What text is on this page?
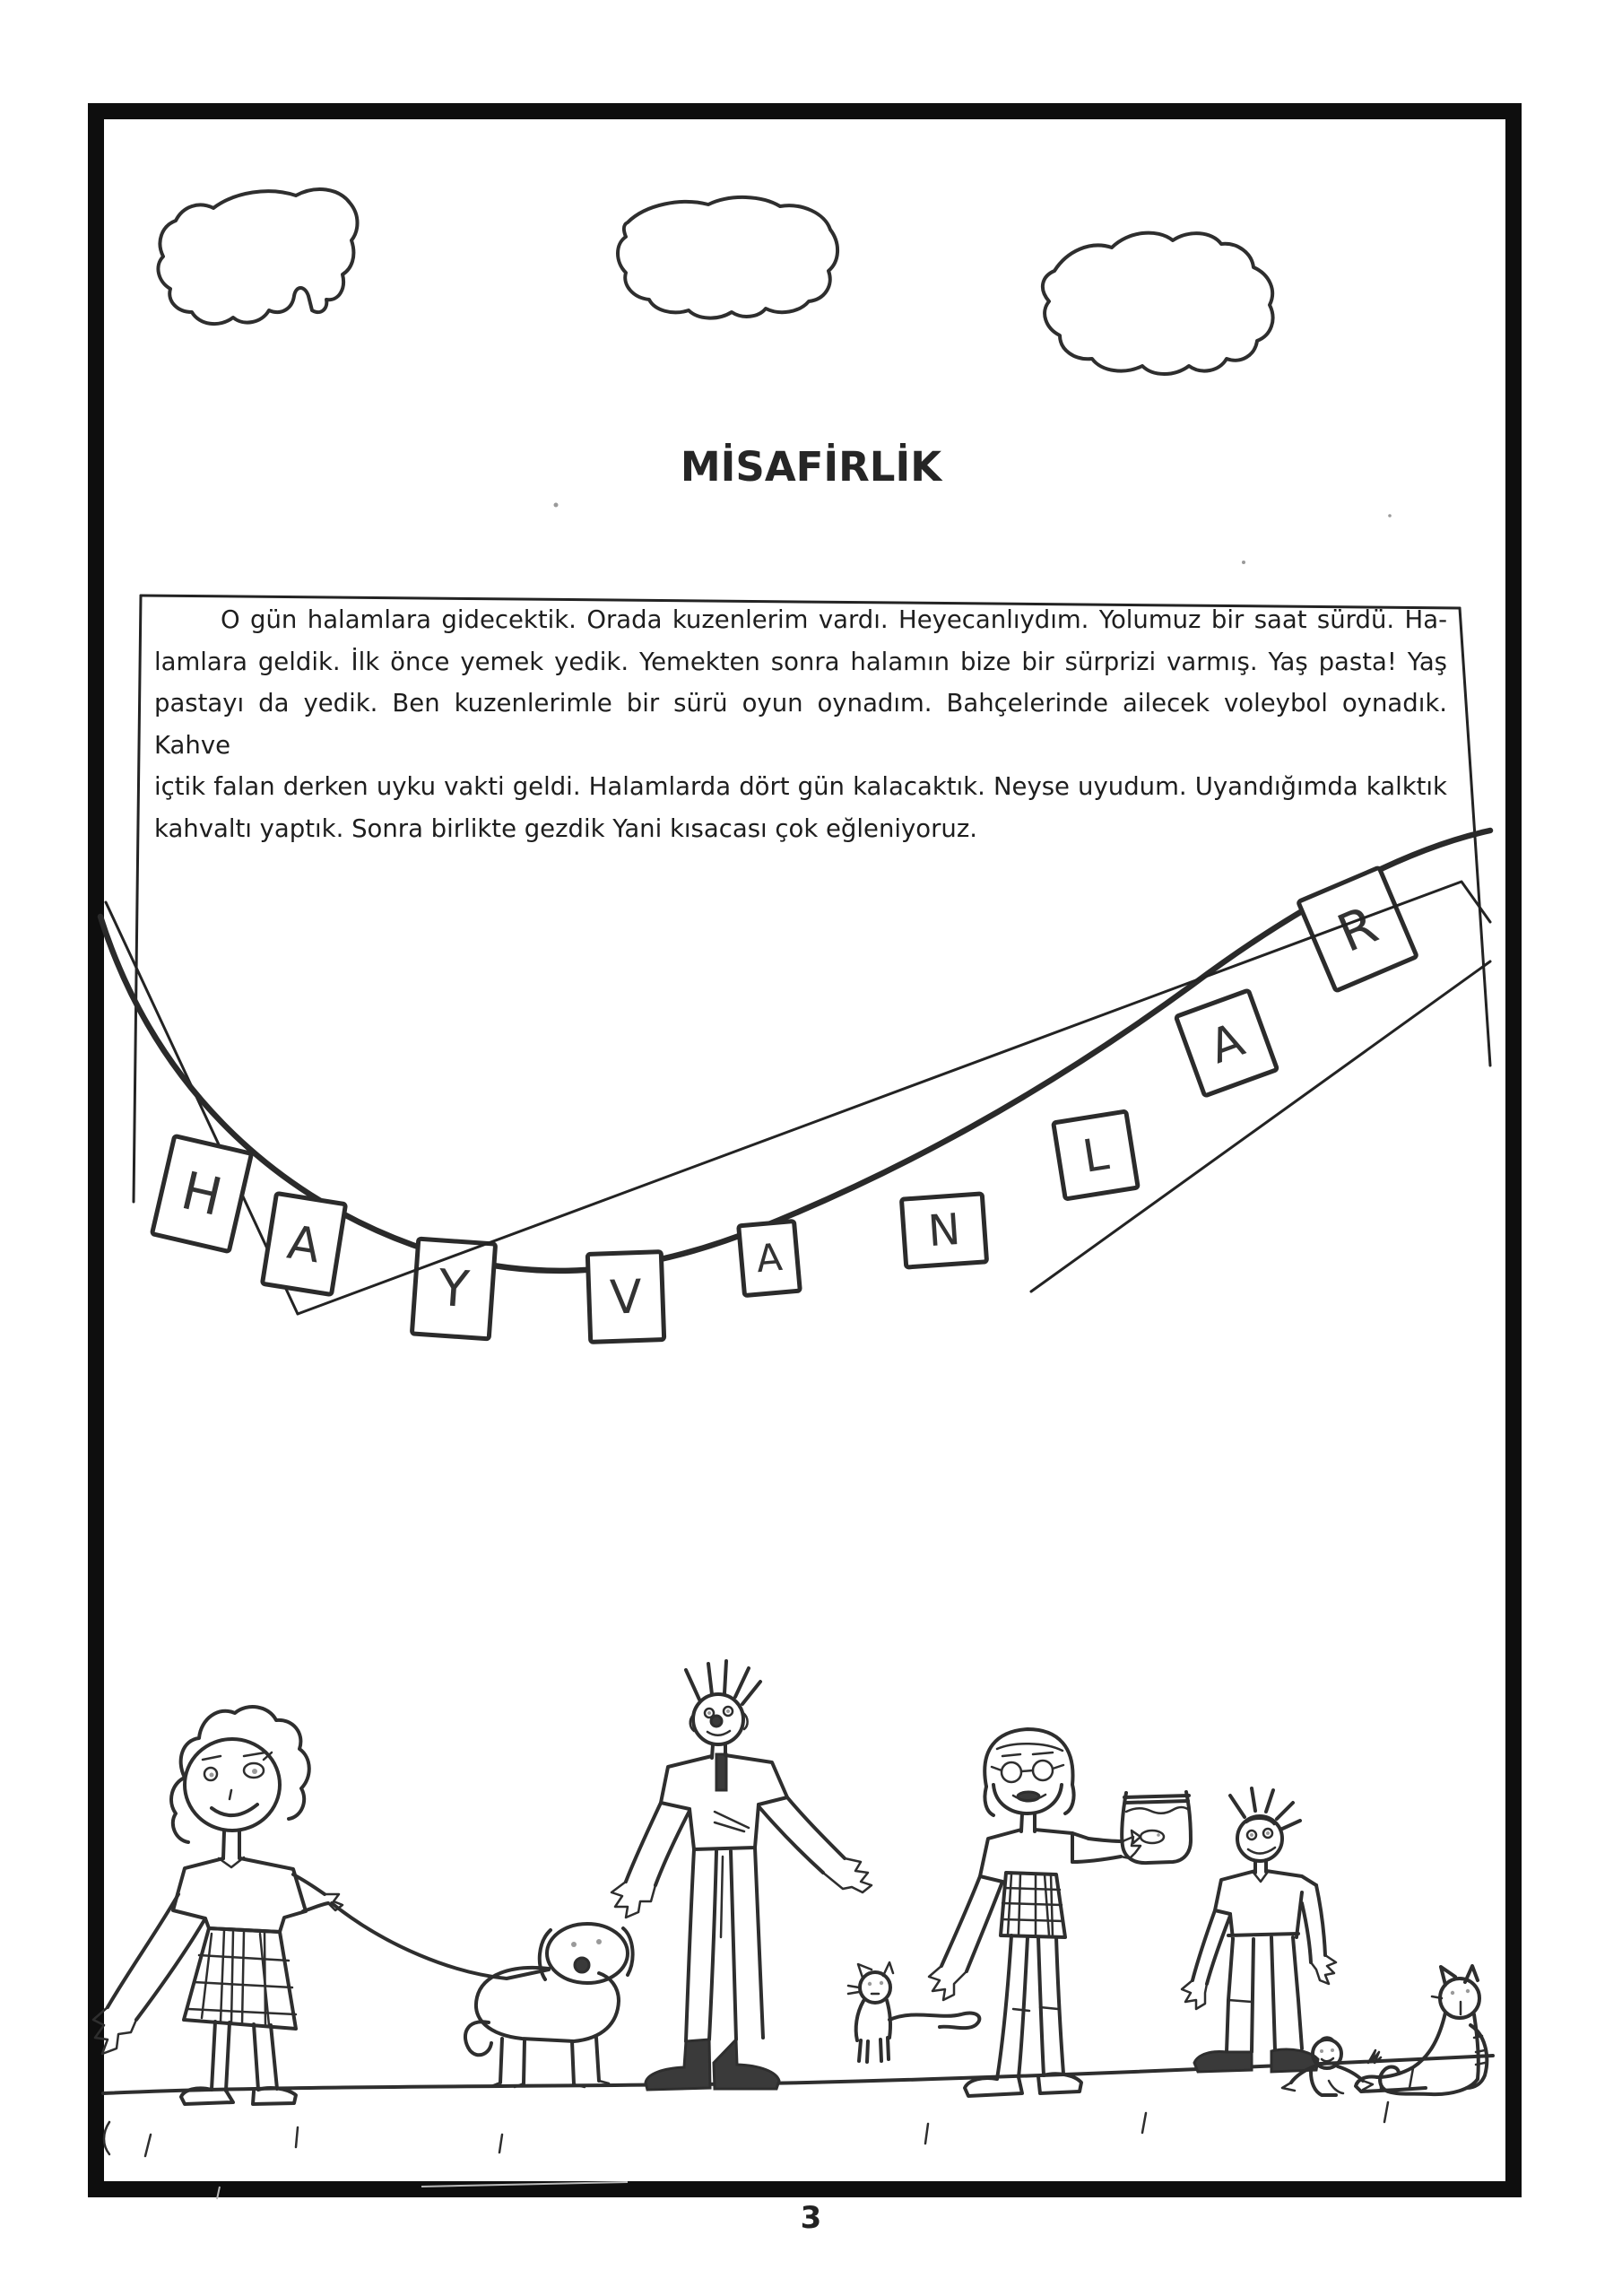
H
A
Y	V
A
N
L
A
R
MİSAFİRLİK
O gün halamlara gidecektik. Orada kuzenlerim vardı. Heyecanlıydım. Yolumuz bir saat sürdü. Ha-
lamlara geldik. İlk önce yemek yedik. Yemekten sonra halamın bize bir sürprizi varmış. Yaş pasta! Yaş
pastayı da yedik. Ben kuzenlerimle bir sürü oyun oynadım. Bahçelerinde ailecek voleybol oynadık. Kahve
içtik falan derken uyku vakti geldi. Halamlarda dört gün kalacaktık. Neyse uyudum. Uyandığımda kalktık
kahvaltı yaptık. Sonra birlikte gezdik Yani kısacası çok eğleniyoruz.
3
